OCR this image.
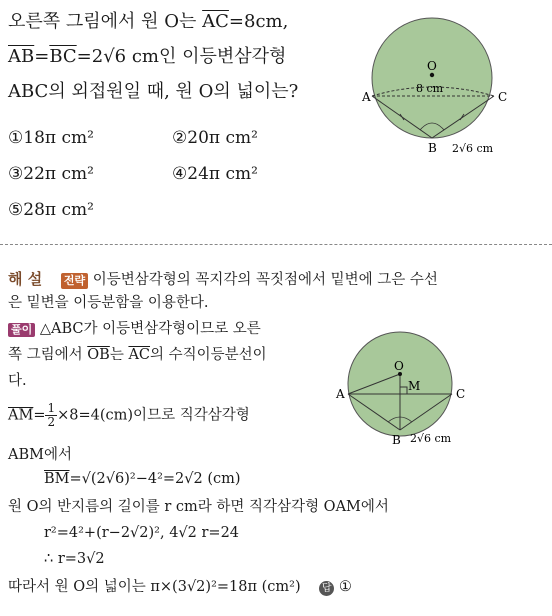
오른쪽 그림에서 원 O는 $\overline{AC}=8cm$,
$\overline{AB}=\overline{BC}=2√6$ cm인 이등변삼각형
ABC의 외접원일 때, 원 O의 넓이는?
①18π cm²	②20π cm²
③22π cm²	④24π cm²
⑤28π cm²
O
8 cm
A	C
B 2√6 cm
해 설 전략 이등변삼각형의 꼭지각의 꼭짓점에서 밑변에 그은 수선
은 밑변을 이등분함을 이용한다.
풀이 △ABC가 이등변삼각형이므로 오른
쪽 그림에서 $\overline{OB}$는 $\overline{AC}$의 수직이등분선이
다.
$\overline{AM}= \frac{1}{2} \times 8=4(cm)$이므로 직각삼각형
ABM에서
$\overline{BM}=√(2√6)^2-4^2=2√2$ (cm)
원 O의 반지름의 길이를 r cm라 하면 직각삼각형 OAM에서
r²=4²+(r−2√2)², 4√2 r=24
∴ r=3√2
따라서 원 O의 넓이는 π×(3√2)²=18π (cm²) 답 ①
O
M
A	C
B 2√6 cm
